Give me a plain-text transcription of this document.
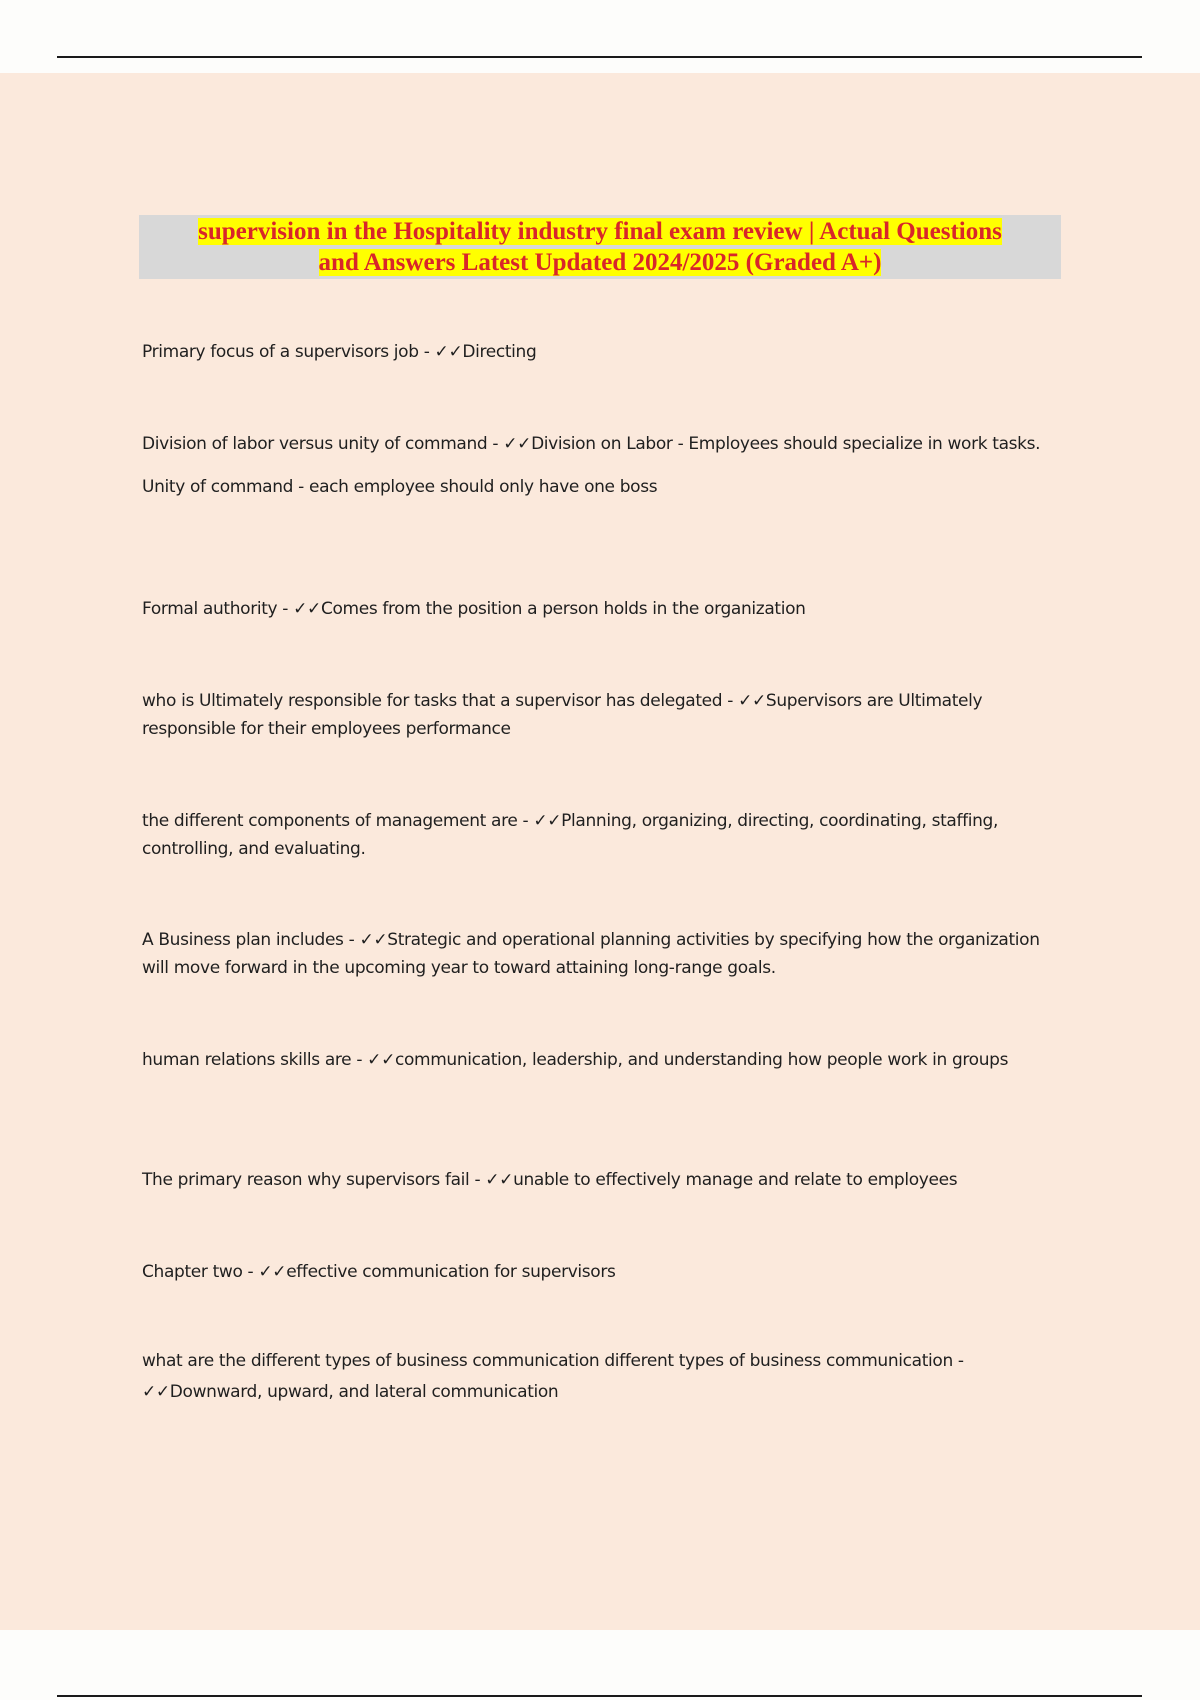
supervision in the Hospitality industry final exam review | Actual Questions
and Answers Latest Updated 2024/2025 (Graded A+)
Primary focus of a supervisors job - ✓✓Directing
Division of labor versus unity of command - ✓✓Division on Labor - Employees should specialize in work tasks.
Unity of command - each employee should only have one boss
Formal authority - ✓✓Comes from the position a person holds in the organization
who is Ultimately responsible for tasks that a supervisor has delegated - ✓✓Supervisors are Ultimately responsible for their employees performance
the different components of management are - ✓✓Planning, organizing, directing, coordinating, staffing, controlling, and evaluating.
A Business plan includes - ✓✓Strategic and operational planning activities by specifying how the organization will move forward in the upcoming year to toward attaining long-range goals.
human relations skills are - ✓✓communication, leadership, and understanding how people work in groups
The primary reason why supervisors fail - ✓✓unable to effectively manage and relate to employees
Chapter two - ✓✓effective communication for supervisors
what are the different types of business communication different types of business communication - ✓✓Downward, upward, and lateral communication
